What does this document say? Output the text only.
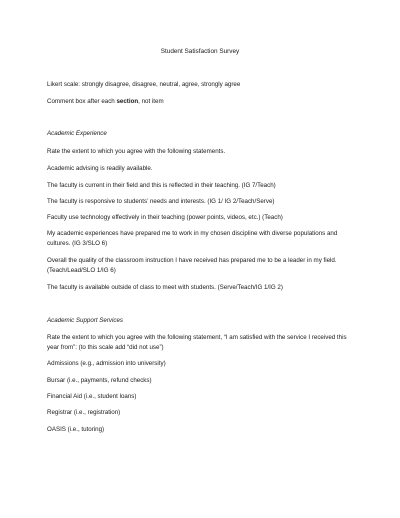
Student Satisfaction Survey

Likert scale: strongly disagree, disagree, neutral, agree, strongly agree

Comment box after each section, not item

Academic Experience
Rate the extent to which you agree with the following statements.
Academic advising is readily available.
The faculty is current in their field and this is reflected in their teaching. (IG 7/Teach)
The faculty is responsive to students’ needs and interests. (IG 1/ IG 2/Teach/Serve)
Faculty use technology effectively in their teaching (power points, videos, etc.) (Teach)
My academic experiences have prepared me to work in my chosen discipline with diverse populations and cultures. (IG 3/SLO 6)
Overall the quality of the classroom instruction I have received has prepared me to be a leader in my field. (Teach/Lead/SLO 1/IG 6)
The faculty is available outside of class to meet with students. (Serve/Teach/IG 1/IG 2)
Academic Support Services
Rate the extent to which you agree with the following statement, “I am satisfied with the service I received this year from”: (to this scale add “did not use”)
Admissions (e.g., admission into university)
Bursar (i.e., payments, refund checks)
Financial Aid (i.e., student loans)
Registrar (i.e., registration)
OASIS (i.e., tutoring)
